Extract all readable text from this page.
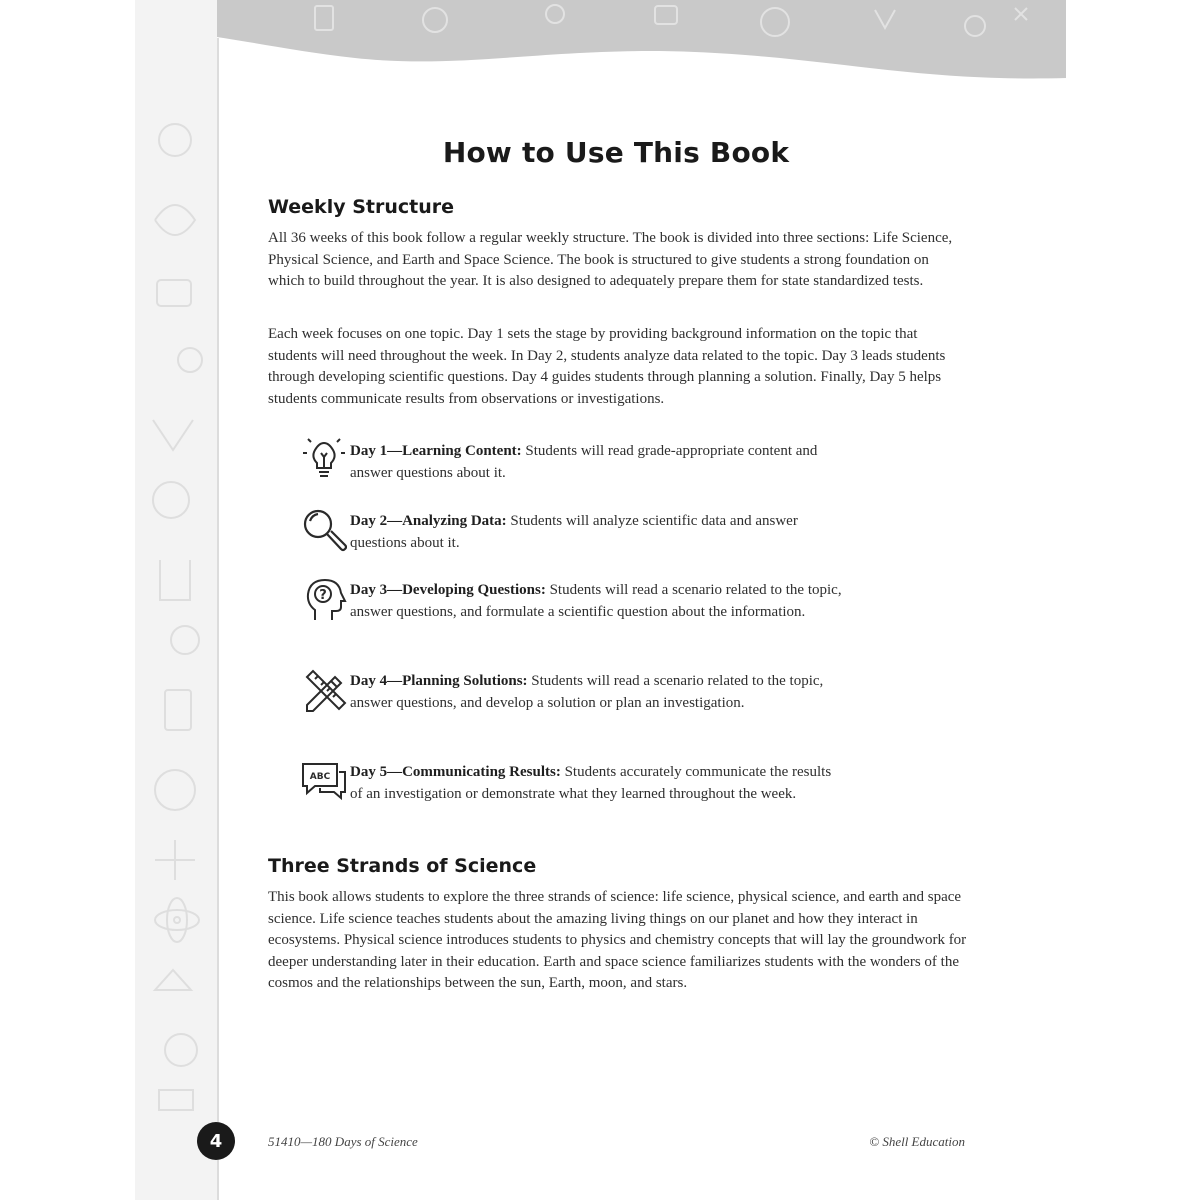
How to Use This Book
Weekly Structure

All 36 weeks of this book follow a regular weekly structure. The book is divided into three sections: Life Science, Physical Science, and Earth and Space Science. The book is structured to give students a strong foundation on which to build throughout the year. It is also designed to adequately prepare them for state standardized tests.

Each week focuses on one topic. Day 1 sets the stage by providing background information on the topic that students will need throughout the week. In Day 2, students analyze data related to the topic. Day 3 leads students through developing scientific questions. Day 4 guides students through planning a solution. Finally, Day 5 helps students communicate results from observations or investigations.

Day 1—Learning Content: Students will read grade-appropriate content and answer questions about it.

Day 2—Analyzing Data: Students will analyze scientific data and answer questions about it.

? Day 3—Developing Questions: Students will read a scenario related to the topic, answer questions, and formulate a scientific question about the information.

Day 4—Planning Solutions: Students will read a scenario related to the topic, answer questions, and develop a solution or plan an investigation.

ABC Day 5—Communicating Results: Students accurately communicate the results of an investigation or demonstrate what they learned throughout the week.

Three Strands of Science

This book allows students to explore the three strands of science: life science, physical science, and earth and space science. Life science teaches students about the amazing living things on our planet and how they interact in ecosystems. Physical science introduces students to physics and chemistry concepts that will lay the groundwork for deeper understanding later in their education. Earth and space science familiarizes students with the wonders of the cosmos and the relationships between the sun, Earth, moon, and stars.

4	51410—180 Days of Science	© Shell Education
